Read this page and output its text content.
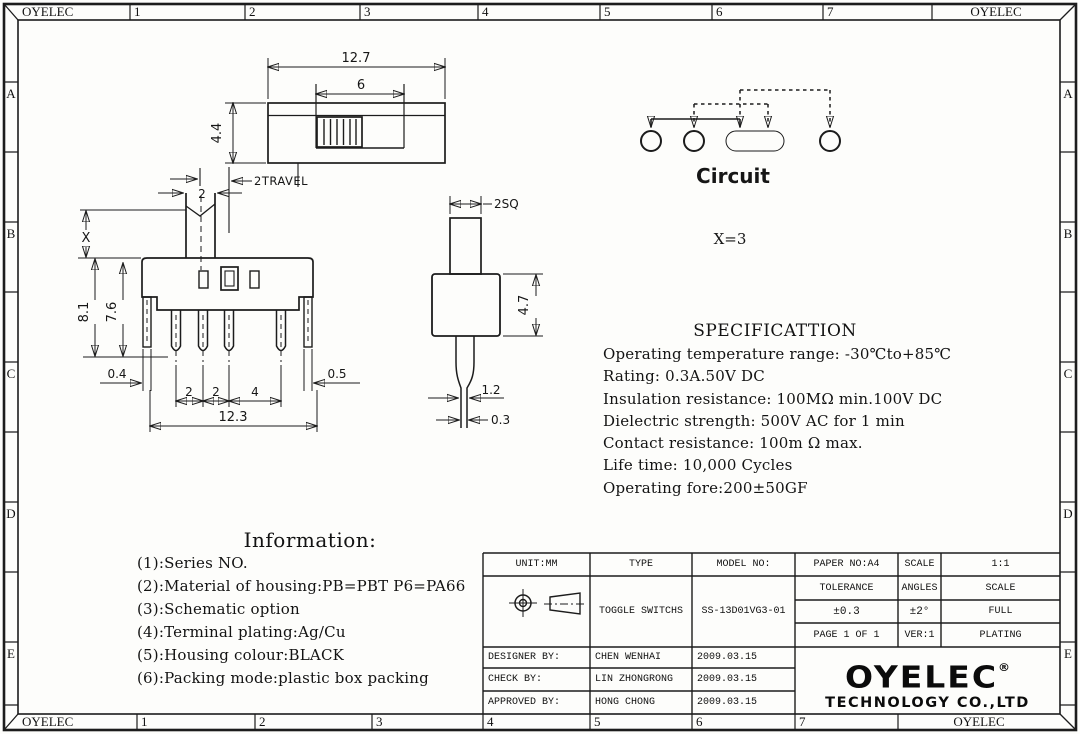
12.7
6
4.4
2TRAVEL
2
X
8.1 7.6
0.4	0.5
2 2	4
12.3
2SQ
4.7
1.2
0.3
Circuit
X=3
OYELEC	1	2	3	4	5	6	7	OYELEC
OYELEC	1	2	3	4	5	6	7	OYELEC
A
B
C
D
E
A
B
C
D
E
SPECIFICATTION
Operating temperature range: -30℃to+85℃
Rating: 0.3A.50V DC
Insulation resistance: 100MΩ min.100V DC
Dielectric strength: 500V AC for 1 min
Contact resistance: 100m Ω max.
Life time: 10,000 Cycles
Operating fore:200±50GF
Information:
(1):Series NO.
(2):Material of housing:PB=PBT P6=PA66
(3):Schematic option
(4):Terminal plating:Ag/Cu
(5):Housing colour:BLACK
(6):Packing mode:plastic box packing
UNIT:MM	TYPE	MODEL NO:	PAPER NO:A4	SCALE	1:1
TOGGLE SWITCHS	SS-13D01VG3-01
TOLERANCE	ANGLES	SCALE
±0.3	±2°	FULL
PAGE 1 OF 1	VER:1	PLATING
DESIGNER BY:	CHEN WENHAI	2009.03.15
CHECK BY:	LIN ZHONGRONG	2009.03.15
APPROVED BY:	HONG CHONG	2009.03.15
OYELEC®
TECHNOLOGY CO.,LTD
